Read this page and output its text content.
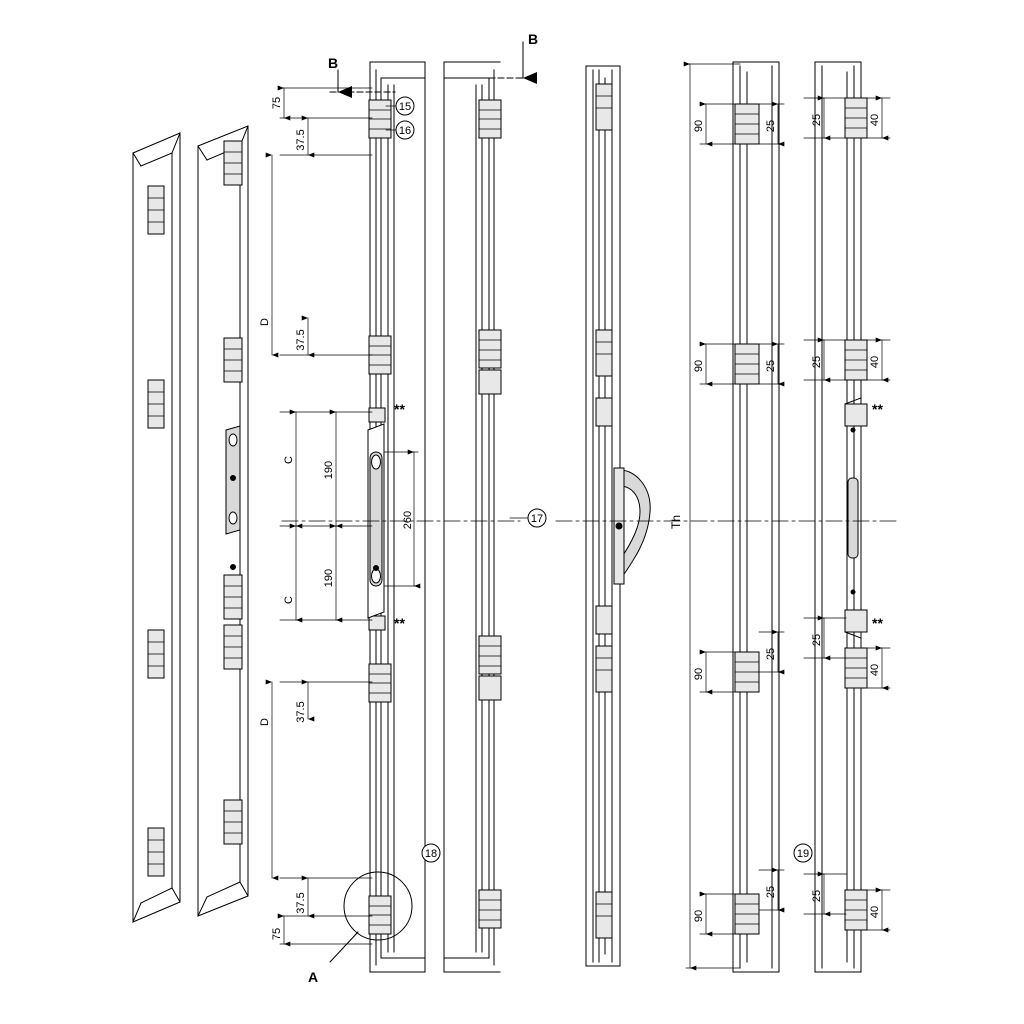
B
B
A
15
16
17
18	19
75
37.5
D
37.5
C
C
37.5
D
37.5
75
190
260
190
Th
90	25
90	25
90
25
90
25
25	40
25	40
25
40
25
40
**
**
**
**
